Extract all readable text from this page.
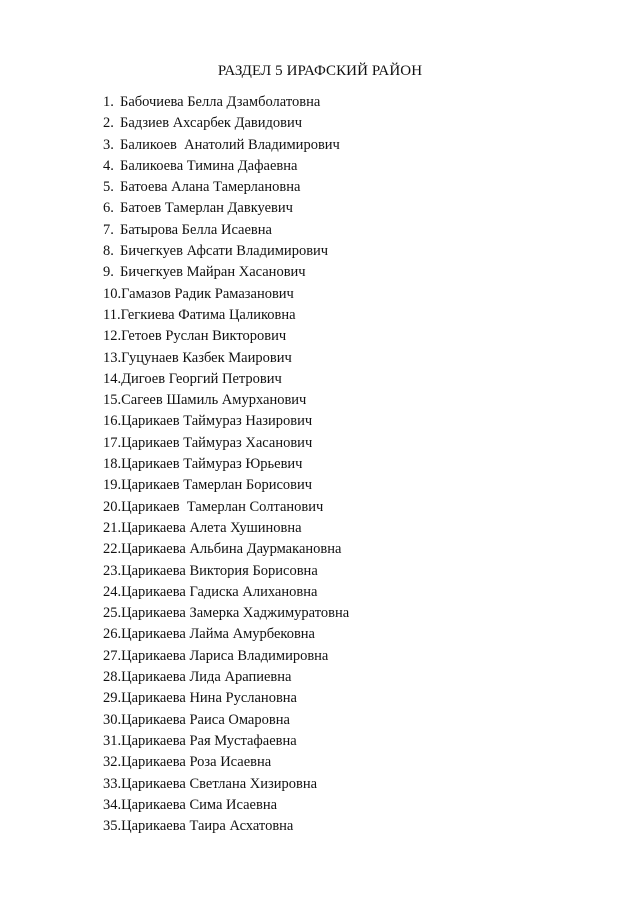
РАЗДЕЛ 5 ИРАФСКИЙ РАЙОН
1. Бабочиева Белла Дзамболатовна
2. Бадзиев Ахсарбек Давидович
3. Баликоев  Анатолий Владимирович
4. Баликоева Тимина Дафаевна
5. Батоева Алана Тамерлановна
6. Батоев Тамерлан Давкуевич
7. Батырова Белла Исаевна
8. Бичегкуев Афсати Владимирович
9. Бичегкуев Майран Хасанович
10. Гамазов Радик Рамазанович
11. Гегкиева Фатима Цаликовна
12. Гетоев Руслан Викторович
13. Гуцунаев Казбек Маирович
14. Дигоев Георгий Петрович
15. Сагеев Шамиль Амурханович
16. Царикаев Таймураз Назирович
17. Царикаев Таймураз Хасанович
18. Царикаев Таймураз Юрьевич
19. Царикаев Тамерлан Борисович
20. Царикаев  Тамерлан Солтанович
21. Царикаева Алета Хушиновна
22. Царикаева Альбина Даурмакановна
23. Царикаева Виктория Борисовна
24. Царикаева Гадиска Алихановна
25. Царикаева Замерка Хаджимуратовна
26. Царикаева Лайма Амурбековна
27. Царикаева Лариса Владимировна
28. Царикаева Лида Арапиевна
29. Царикаева Нина Руслановна
30. Царикаева Раиса Омаровна
31. Царикаева Рая Мустафаевна
32. Царикаева Роза Исаевна
33. Царикаева Светлана Хизировна
34. Царикаева Сима Исаевна
35. Царикаева Таира Асхатовна
